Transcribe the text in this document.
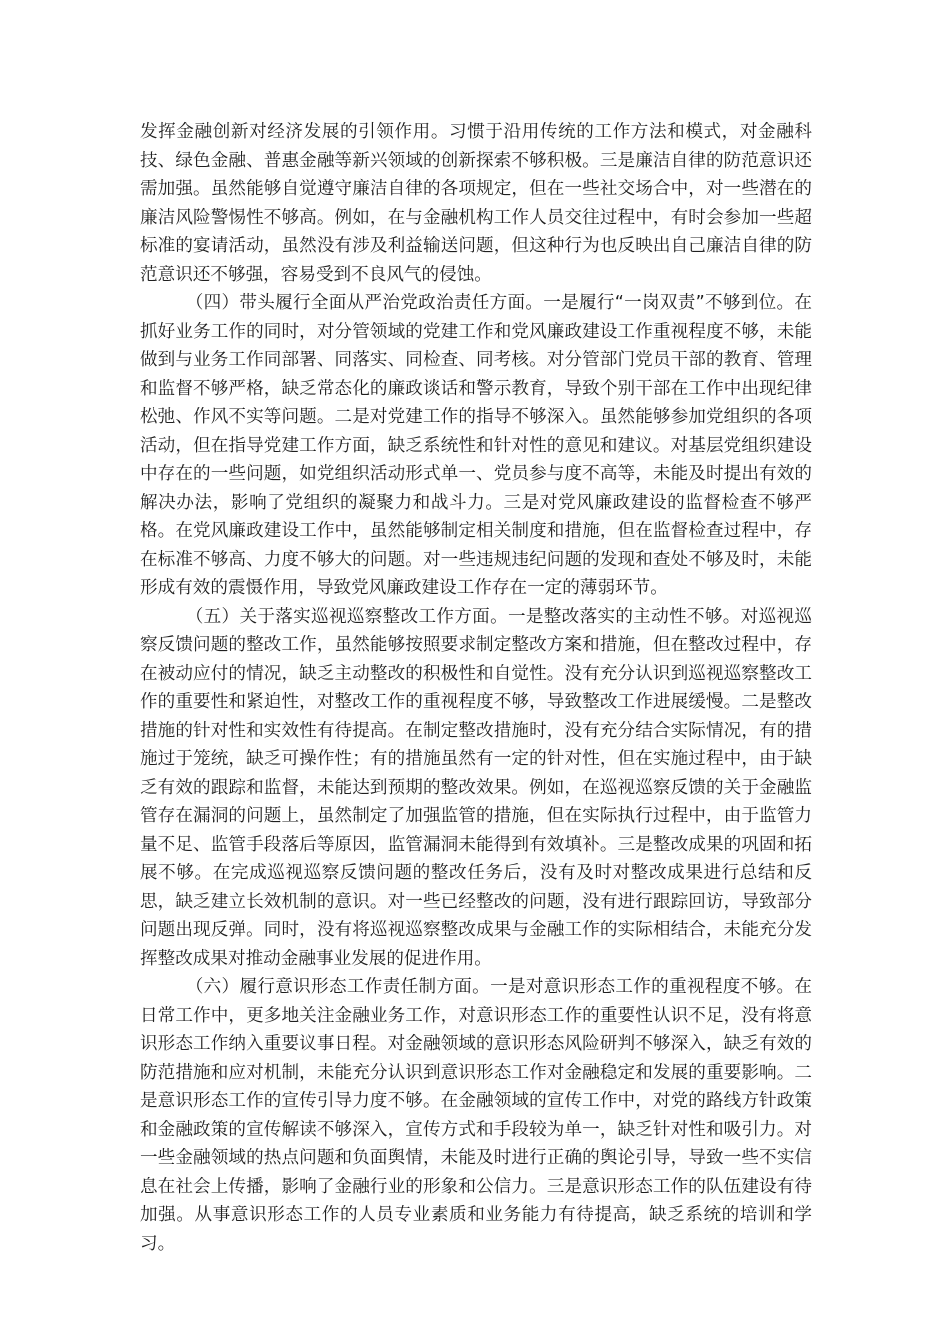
发挥金融创新对经济发展的引领作用。习惯于沿用传统的工作方法和模式，对金融科技、绿色金融、普惠金融等新兴领域的创新探索不够积极。三是廉洁自律的防范意识还需加强。虽然能够自觉遵守廉洁自律的各项规定，但在一些社交场合中，对一些潜在的廉洁风险警惕性不够高。例如，在与金融机构工作人员交往过程中，有时会参加一些超标准的宴请活动，虽然没有涉及利益输送问题，但这种行为也反映出自己廉洁自律的防范意识还不够强，容易受到不良风气的侵蚀。

（四）带头履行全面从严治党政治责任方面。一是履行“一岗双责”不够到位。在抓好业务工作的同时，对分管领域的党建工作和党风廉政建设工作重视程度不够，未能做到与业务工作同部署、同落实、同检查、同考核。对分管部门党员干部的教育、管理和监督不够严格，缺乏常态化的廉政谈话和警示教育，导致个别干部在工作中出现纪律松弛、作风不实等问题。二是对党建工作的指导不够深入。虽然能够参加党组织的各项活动，但在指导党建工作方面，缺乏系统性和针对性的意见和建议。对基层党组织建设中存在的一些问题，如党组织活动形式单一、党员参与度不高等，未能及时提出有效的解决办法，影响了党组织的凝聚力和战斗力。三是对党风廉政建设的监督检查不够严格。在党风廉政建设工作中，虽然能够制定相关制度和措施，但在监督检查过程中，存在标准不够高、力度不够大的问题。对一些违规违纪问题的发现和查处不够及时，未能形成有效的震慑作用，导致党风廉政建设工作存在一定的薄弱环节。

（五）关于落实巡视巡察整改工作方面。一是整改落实的主动性不够。对巡视巡察反馈问题的整改工作，虽然能够按照要求制定整改方案和措施，但在整改过程中，存在被动应付的情况，缺乏主动整改的积极性和自觉性。没有充分认识到巡视巡察整改工作的重要性和紧迫性，对整改工作的重视程度不够，导致整改工作进展缓慢。二是整改措施的针对性和实效性有待提高。在制定整改措施时，没有充分结合实际情况，有的措施过于笼统，缺乏可操作性；有的措施虽然有一定的针对性，但在实施过程中，由于缺乏有效的跟踪和监督，未能达到预期的整改效果。例如，在巡视巡察反馈的关于金融监管存在漏洞的问题上，虽然制定了加强监管的措施，但在实际执行过程中，由于监管力量不足、监管手段落后等原因，监管漏洞未能得到有效填补。三是整改成果的巩固和拓展不够。在完成巡视巡察反馈问题的整改任务后，没有及时对整改成果进行总结和反思，缺乏建立长效机制的意识。对一些已经整改的问题，没有进行跟踪回访，导致部分问题出现反弹。同时，没有将巡视巡察整改成果与金融工作的实际相结合，未能充分发挥整改成果对推动金融事业发展的促进作用。

（六）履行意识形态工作责任制方面。一是对意识形态工作的重视程度不够。在日常工作中，更多地关注金融业务工作，对意识形态工作的重要性认识不足，没有将意识形态工作纳入重要议事日程。对金融领域的意识形态风险研判不够深入，缺乏有效的防范措施和应对机制，未能充分认识到意识形态工作对金融稳定和发展的重要影响。二是意识形态工作的宣传引导力度不够。在金融领域的宣传工作中，对党的路线方针政策和金融政策的宣传解读不够深入，宣传方式和手段较为单一，缺乏针对性和吸引力。对一些金融领域的热点问题和负面舆情，未能及时进行正确的舆论引导，导致一些不实信息在社会上传播，影响了金融行业的形象和公信力。三是意识形态工作的队伍建设有待加强。从事意识形态工作的人员专业素质和业务能力有待提高，缺乏系统的培训和学习。
